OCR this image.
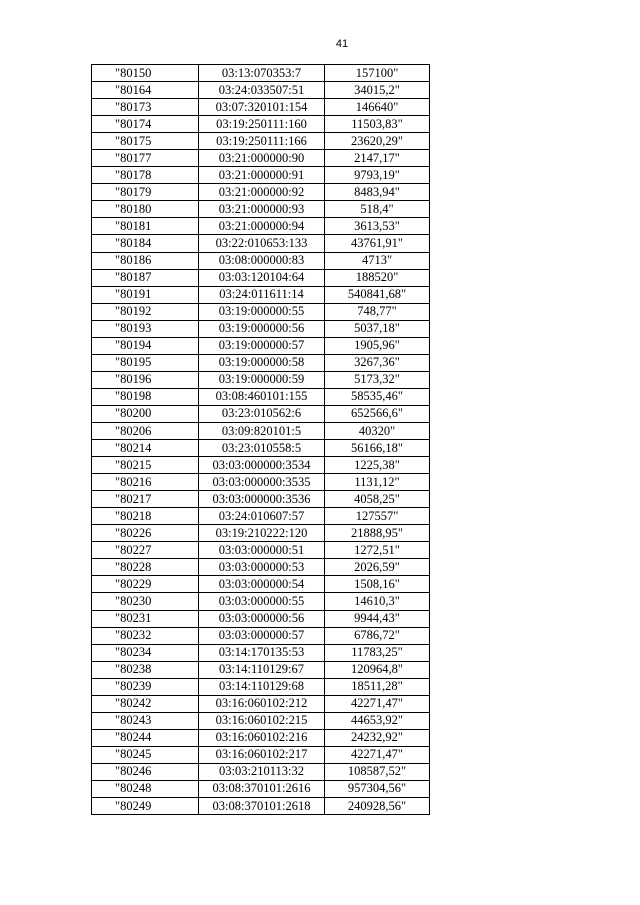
41
"80150	03:13:070353:7	157100"
"80164	03:24:033507:51	34015,2"
"80173	03:07:320101:154	146640"
"80174	03:19:250111:160	11503,83"
"80175	03:19:250111:166	23620,29"
"80177	03:21:000000:90	2147,17"
"80178	03:21:000000:91	9793,19"
"80179	03:21:000000:92	8483,94"
"80180	03:21:000000:93	518,4"
"80181	03:21:000000:94	3613,53"
"80184	03:22:010653:133	43761,91"
"80186	03:08:000000:83	4713"
"80187	03:03:120104:64	188520"
"80191	03:24:011611:14	540841,68"
"80192	03:19:000000:55	748,77"
"80193	03:19:000000:56	5037,18"
"80194	03:19:000000:57	1905,96"
"80195	03:19:000000:58	3267,36"
"80196	03:19:000000:59	5173,32"
"80198	03:08:460101:155	58535,46"
"80200	03:23:010562:6	652566,6"
"80206	03:09:820101:5	40320"
"80214	03:23:010558:5	56166,18"
"80215	03:03:000000:3534	1225,38"
"80216	03:03:000000:3535	1131,12"
"80217	03:03:000000:3536	4058,25"
"80218	03:24:010607:57	127557"
"80226	03:19:210222:120	21888,95"
"80227	03:03:000000:51	1272,51"
"80228	03:03:000000:53	2026,59"
"80229	03:03:000000:54	1508,16"
"80230	03:03:000000:55	14610,3"
"80231	03:03:000000:56	9944,43"
"80232	03:03:000000:57	6786,72"
"80234	03:14:170135:53	11783,25"
"80238	03:14:110129:67	120964,8"
"80239	03:14:110129:68	18511,28"
"80242	03:16:060102:212	42271,47"
"80243	03:16:060102:215	44653,92"
"80244	03:16:060102:216	24232,92"
"80245	03:16:060102:217	42271,47"
"80246	03:03:210113:32	108587,52"
"80248	03:08:370101:2616	957304,56"
"80249	03:08:370101:2618	240928,56"
